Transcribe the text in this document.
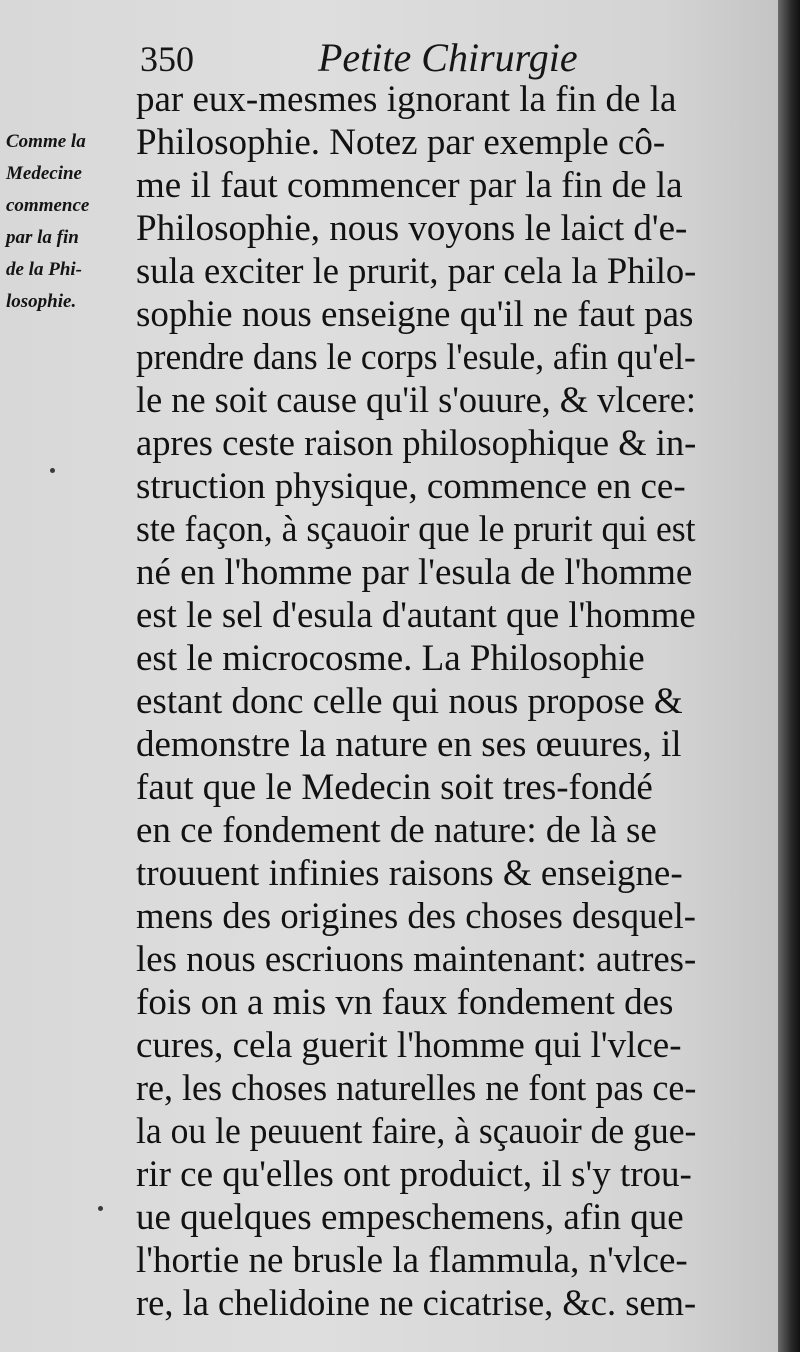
350	Petite Chirurgie
Comme la
Medecine
commence
par la fin
de la Phi-
losophie.
par eux-mesmes ignorant la fin de la
Philosophie. Notez par exemple cô-
me il faut commencer par la fin de la
Philosophie, nous voyons le laict d'e-
sula exciter le prurit, par cela la Philo-
sophie nous enseigne qu'il ne faut pas
prendre dans le corps l'esule, afin qu'el-
le ne soit cause qu'il s'ouure, & vlcere:
apres ceste raison philosophique & in-
struction physique, commence en ce-
ste façon, à sçauoir que le prurit qui est
né en l'homme par l'esula de l'homme
est le sel d'esula d'autant que l'homme
est le microcosme. La Philosophie
estant donc celle qui nous propose &
demonstre la nature en ses œuures, il
faut que le Medecin soit tres-fondé
en ce fondement de nature: de là se
trouuent infinies raisons & enseigne-
mens des origines des choses desquel-
les nous escriuons maintenant: autres-
fois on a mis vn faux fondement des
cures, cela guerit l'homme qui l'vlce-
re, les choses naturelles ne font pas ce-
la ou le peuuent faire, à sçauoir de gue-
rir ce qu'elles ont produict, il s'y trou-
ue quelques empeschemens, afin que
l'hortie ne brusle la flammula, n'vlce-
re, la chelidoine ne cicatrise, &c. sem-
